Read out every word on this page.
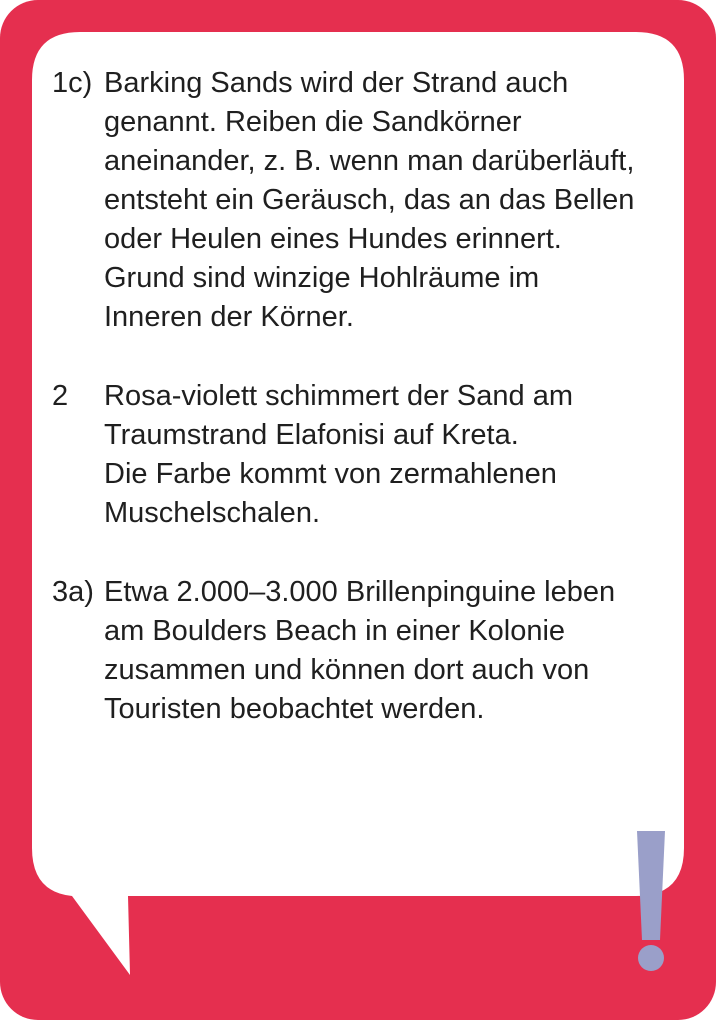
1c) Barking Sands wird der Strand auch
genannt. Reiben die Sandkörner
aneinander, z. B. wenn man darüberläuft,
entsteht ein Geräusch, das an das Bellen
oder Heulen eines Hundes erinnert.
Grund sind winzige Hohlräume im
Inneren der Körner.
2	Rosa-violett schimmert der Sand am
Traumstrand Elafonisi auf Kreta.
Die Farbe kommt von zermahlenen
Muschelschalen.
3a) Etwa 2.000–3.000 Brillenpinguine leben
am Boulders Beach in einer Kolonie
zusammen und können dort auch von
Touristen beobachtet werden.
